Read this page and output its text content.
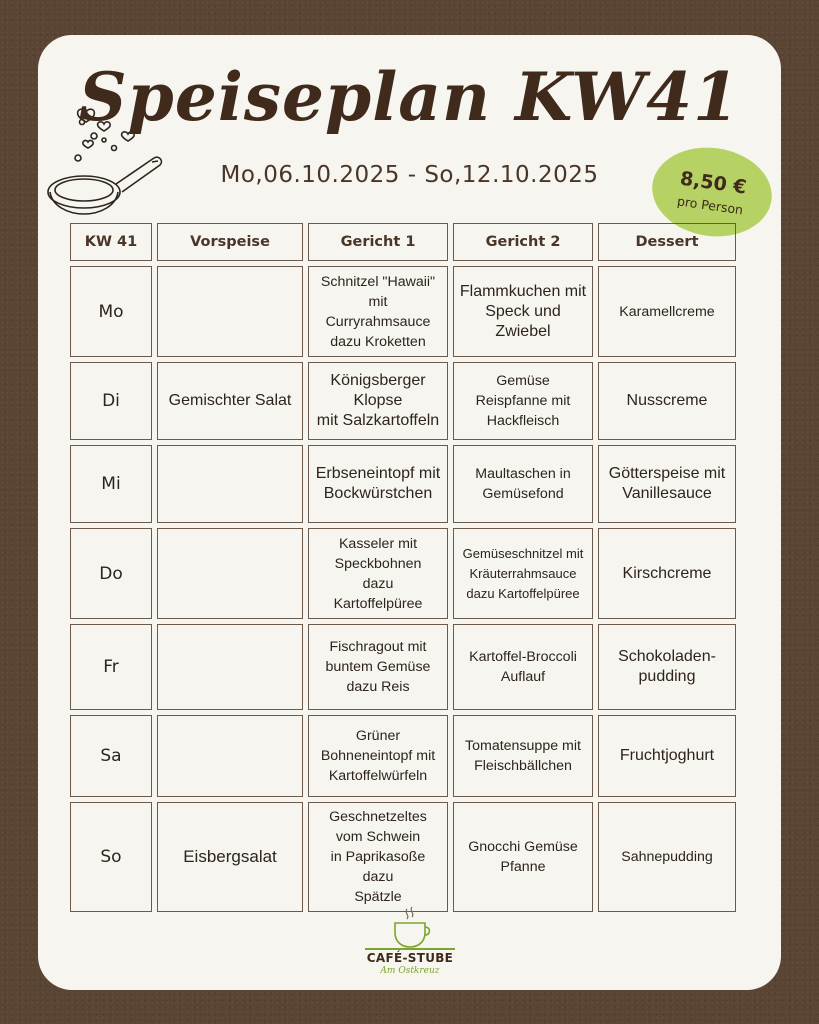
Speiseplan KW41
Mo,06.10.2025 - So,12.10.2025	8,50 €
pro Person
KW 41	Vorspeise	Gericht 1	Gericht 2	Dessert
Mo		Schnitzel "Hawaii"
mit
Curryrahmsauce
dazu Kroketten	Flammkuchen mit
Speck und
Zwiebel	Karamellcreme
Di	Gemischter Salat	Königsberger
Klopse
mit Salzkartoffeln	Gemüse
Reispfanne mit
Hackfleisch	Nusscreme
Mi		Erbseneintopf mit
Bockwürstchen	Maultaschen in
Gemüsefond	Götterspeise mit
Vanillesauce
Do		Kasseler mit
Speckbohnen
dazu
Kartoffelpüree	Gemüseschnitzel mit
Kräuterrahmsauce
dazu Kartoffelpüree	Kirschcreme
Fr		Fischragout mit
buntem Gemüse
dazu Reis	Kartoffel-Broccoli
Auflauf	Schokoladen-
pudding
Sa		Grüner
Bohneneintopf mit
Kartoffelwürfeln	Tomatensuppe mit
Fleischbällchen	Fruchtjoghurt
So	Eisbergsalat	Geschnetzeltes
vom Schwein
in Paprikasoße
dazu
Spätzle	Gnocchi Gemüse
Pfanne	Sahnepudding
CAFÉ-STUBE
Am Ostkreuz
